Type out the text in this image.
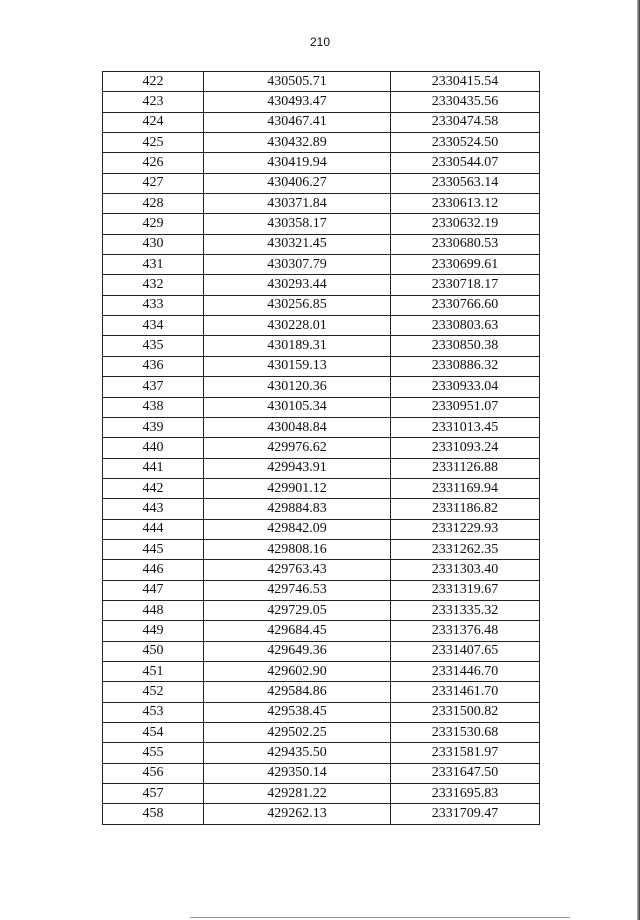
210
422	430505.71	2330415.54
423	430493.47	2330435.56
424	430467.41	2330474.58
425	430432.89	2330524.50
426	430419.94	2330544.07
427	430406.27	2330563.14
428	430371.84	2330613.12
429	430358.17	2330632.19
430	430321.45	2330680.53
431	430307.79	2330699.61
432	430293.44	2330718.17
433	430256.85	2330766.60
434	430228.01	2330803.63
435	430189.31	2330850.38
436	430159.13	2330886.32
437	430120.36	2330933.04
438	430105.34	2330951.07
439	430048.84	2331013.45
440	429976.62	2331093.24
441	429943.91	2331126.88
442	429901.12	2331169.94
443	429884.83	2331186.82
444	429842.09	2331229.93
445	429808.16	2331262.35
446	429763.43	2331303.40
447	429746.53	2331319.67
448	429729.05	2331335.32
449	429684.45	2331376.48
450	429649.36	2331407.65
451	429602.90	2331446.70
452	429584.86	2331461.70
453	429538.45	2331500.82
454	429502.25	2331530.68
455	429435.50	2331581.97
456	429350.14	2331647.50
457	429281.22	2331695.83
458	429262.13	2331709.47
